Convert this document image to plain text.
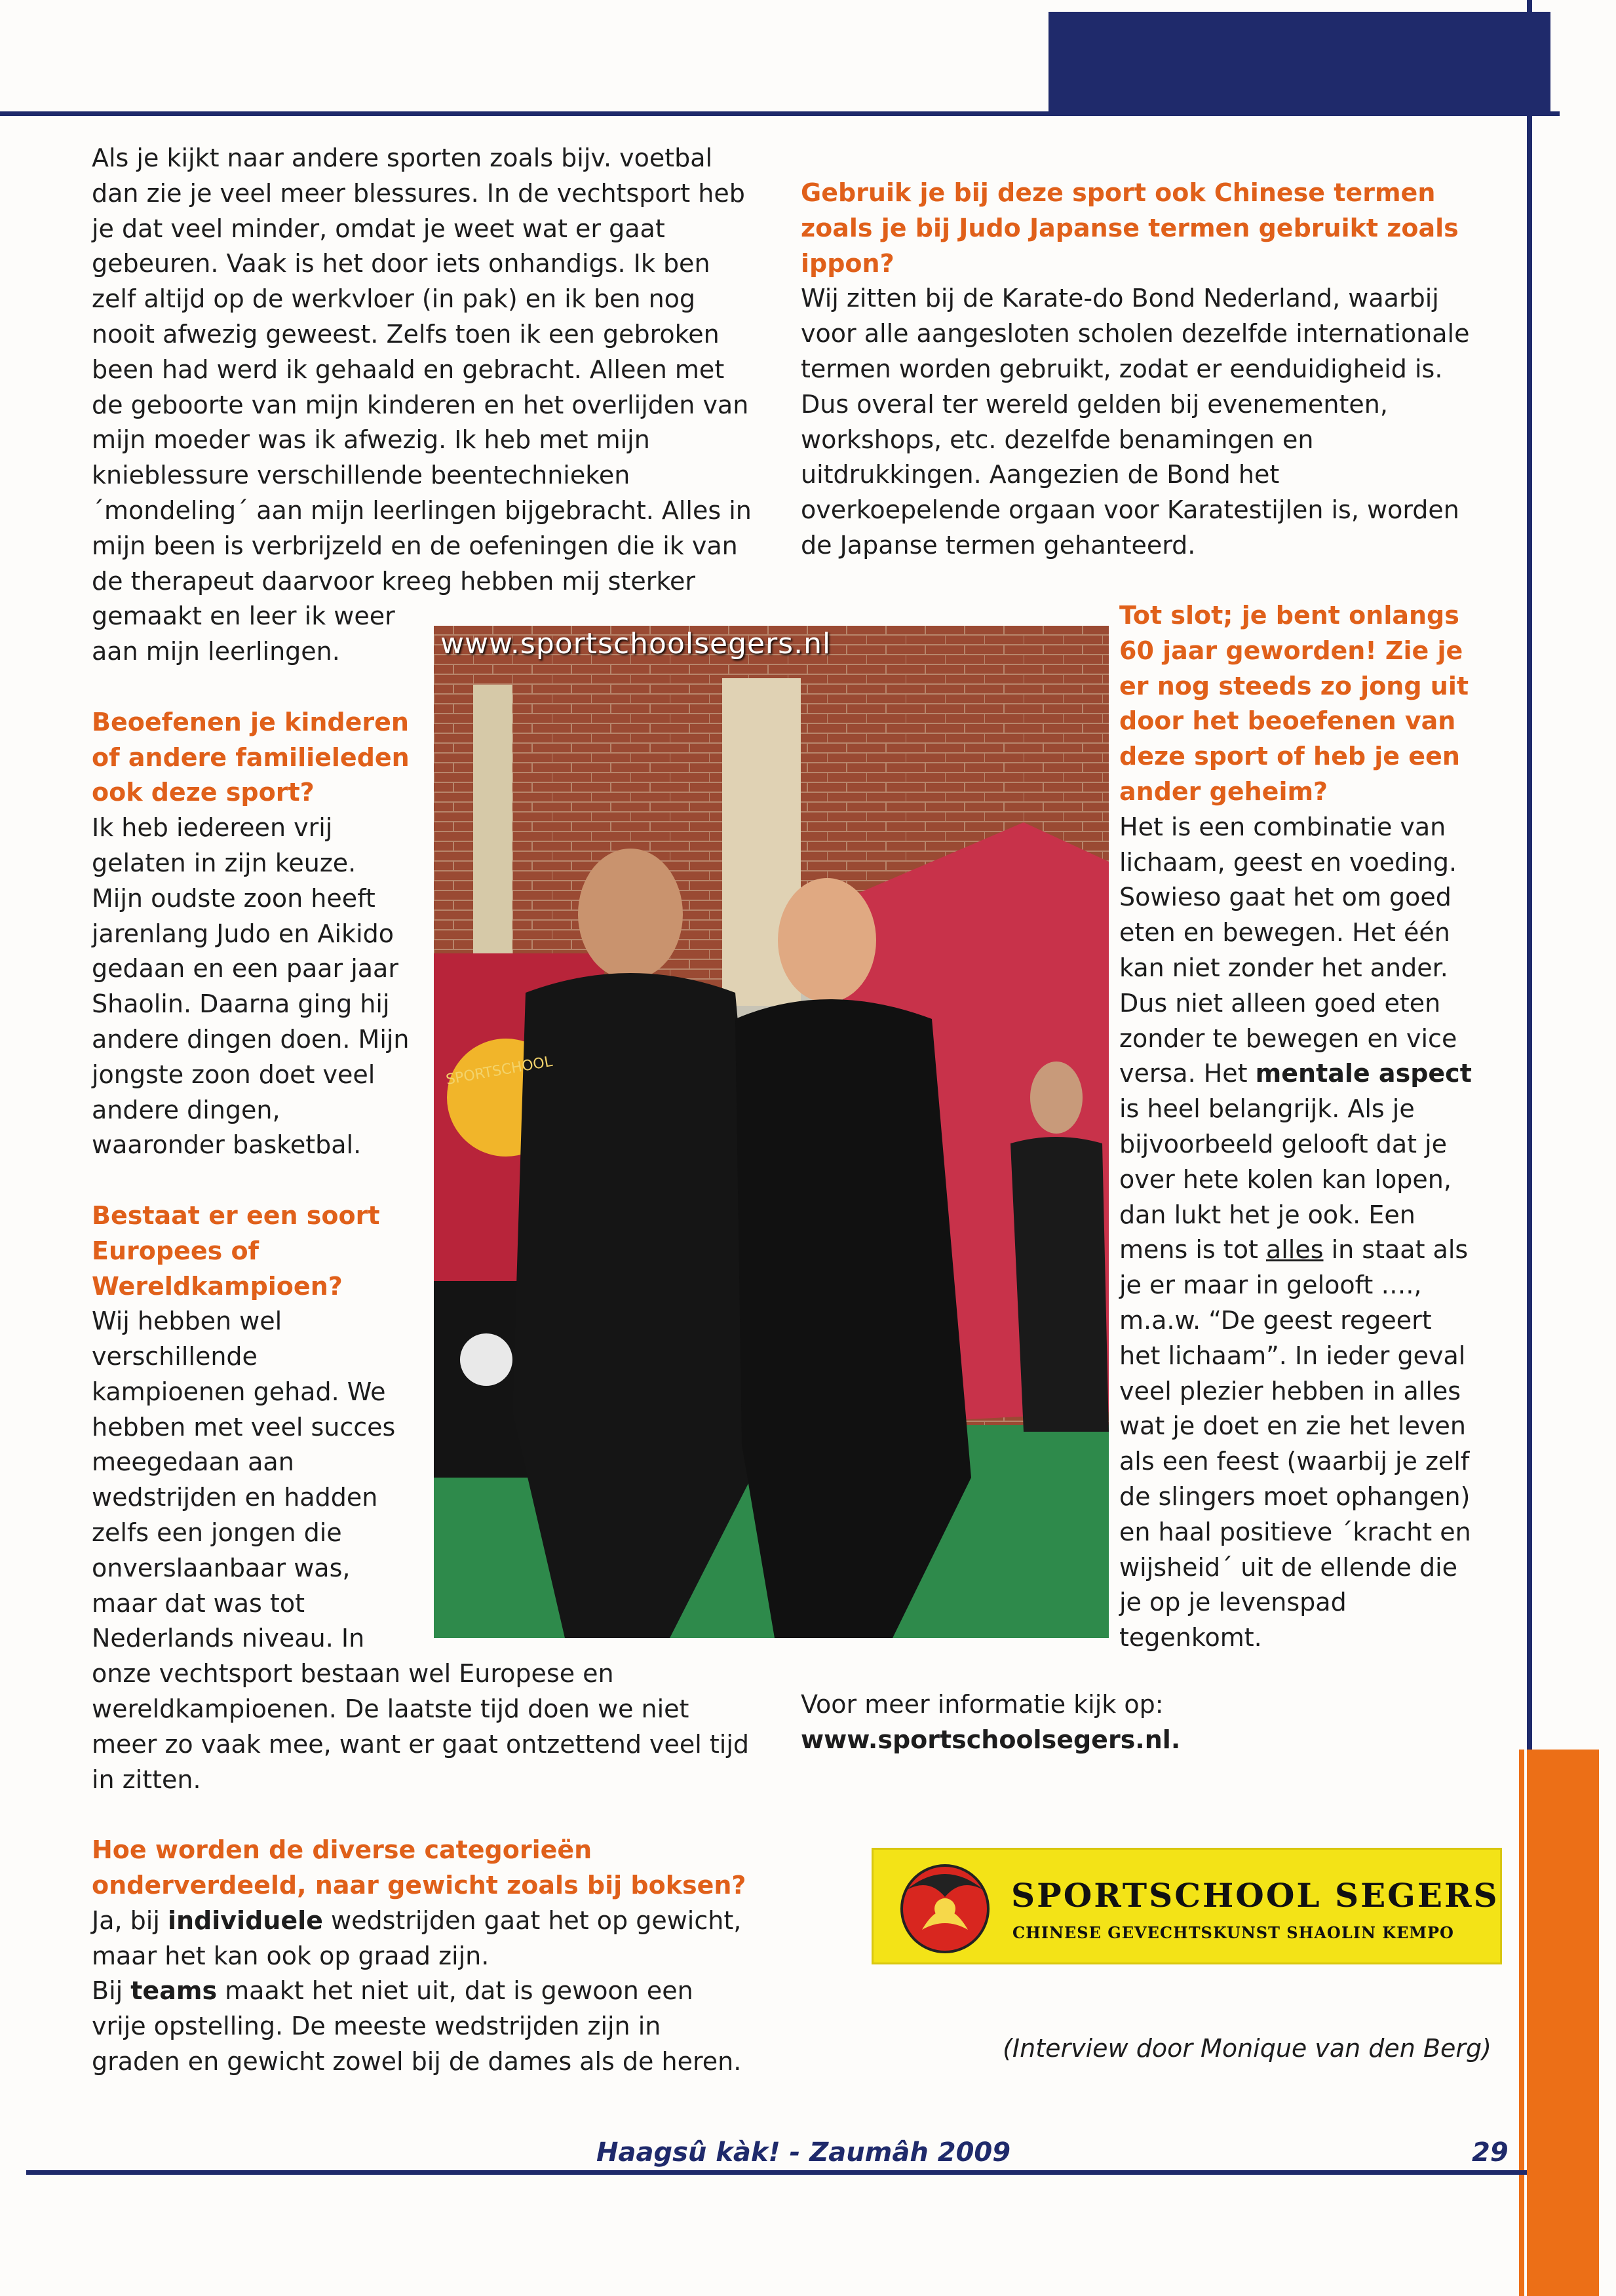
Als je kijkt naar andere sporten zoals bijv. voetbal

dan zie je veel meer blessures. In de vechtsport heb

je dat veel minder, omdat je weet wat er gaat

gebeuren. Vaak is het door iets onhandigs. Ik ben

zelf altijd op de werkvloer (in pak) en ik ben nog

nooit afwezig geweest. Zelfs toen ik een gebroken

been had werd ik gehaald en gebracht. Alleen met

de geboorte van mijn kinderen en het overlijden van

mijn moeder was ik afwezig. Ik heb met mijn

knieblessure verschillende beentechnieken

´mondeling´ aan mijn leerlingen bijgebracht. Alles in

mijn been is verbrijzeld en de oefeningen die ik van

de therapeut daarvoor kreeg hebben mij sterker

gemaakt en leer ik weer

aan mijn leerlingen.

Beoefenen je kinderen

of andere familieleden

ook deze sport?

Ik heb iedereen vrij

gelaten in zijn keuze.

Mijn oudste zoon heeft

jarenlang Judo en Aikido

gedaan en een paar jaar

Shaolin. Daarna ging hij

andere dingen doen. Mijn

jongste zoon doet veel

andere dingen,

waaronder basketbal.

Bestaat er een soort

Europees of

Wereldkampioen?

Wij hebben wel

verschillende

kampioenen gehad. We

hebben met veel succes

meegedaan aan

wedstrijden en hadden

zelfs een jongen die

onverslaanbaar was,

maar dat was tot

Nederlands niveau. In

onze vechtsport bestaan wel Europese en

wereldkampioenen. De laatste tijd doen we niet

meer zo vaak mee, want er gaat ontzettend veel tijd

in zitten.

Hoe worden de diverse categorieën

onderverdeeld, naar gewicht zoals bij boksen?

Ja, bij individuele wedstrijden gaat het op gewicht,

maar het kan ook op graad zijn.

Bij teams maakt het niet uit, dat is gewoon een

vrije opstelling. De meeste wedstrijden zijn in

graden en gewicht zowel bij de dames als de heren.

Gebruik je bij deze sport ook Chinese termen

zoals je bij Judo Japanse termen gebruikt zoals

ippon?

Wij zitten bij de Karate-do Bond Nederland, waarbij

voor alle aangesloten scholen dezelfde internationale

termen worden gebruikt, zodat er eenduidigheid is.

Dus overal ter wereld gelden bij evenementen,

workshops, etc. dezelfde benamingen en

uitdrukkingen. Aangezien de Bond het

overkoepelende orgaan voor Karatestijlen is, worden

de Japanse termen gehanteerd.

Tot slot; je bent onlangs

60 jaar geworden! Zie je

er nog steeds zo jong uit

door het beoefenen van

deze sport of heb je een

ander geheim?

Het is een combinatie van

lichaam, geest en voeding.

Sowieso gaat het om goed

eten en bewegen. Het één

kan niet zonder het ander.

Dus niet alleen goed eten

zonder te bewegen en vice

versa. Het mentale aspect

is heel belangrijk. Als je

bijvoorbeeld gelooft dat je

over hete kolen kan lopen,

dan lukt het je ook. Een

mens is tot alles in staat als

je er maar in gelooft ….,

m.a.w. “De geest regeert

het lichaam”. In ieder geval

veel plezier hebben in alles

wat je doet en zie het leven

als een feest (waarbij je zelf

de slingers moet ophangen)

en haal positieve ´kracht en

wijsheid´ uit de ellende die

je op je levenspad

tegenkomt.

Voor meer informatie kijk op:

www.sportschoolsegers.nl.

SPORTSCHOOL
www.sportschoolsegers.nl
SPORTSCHOOL SEGERS
CHINESE GEVECHTSKUNST SHAOLIN KEMPO
(Interview door Monique van den Berg)
Haagsû kàk! - Zaumâh 2009	29
